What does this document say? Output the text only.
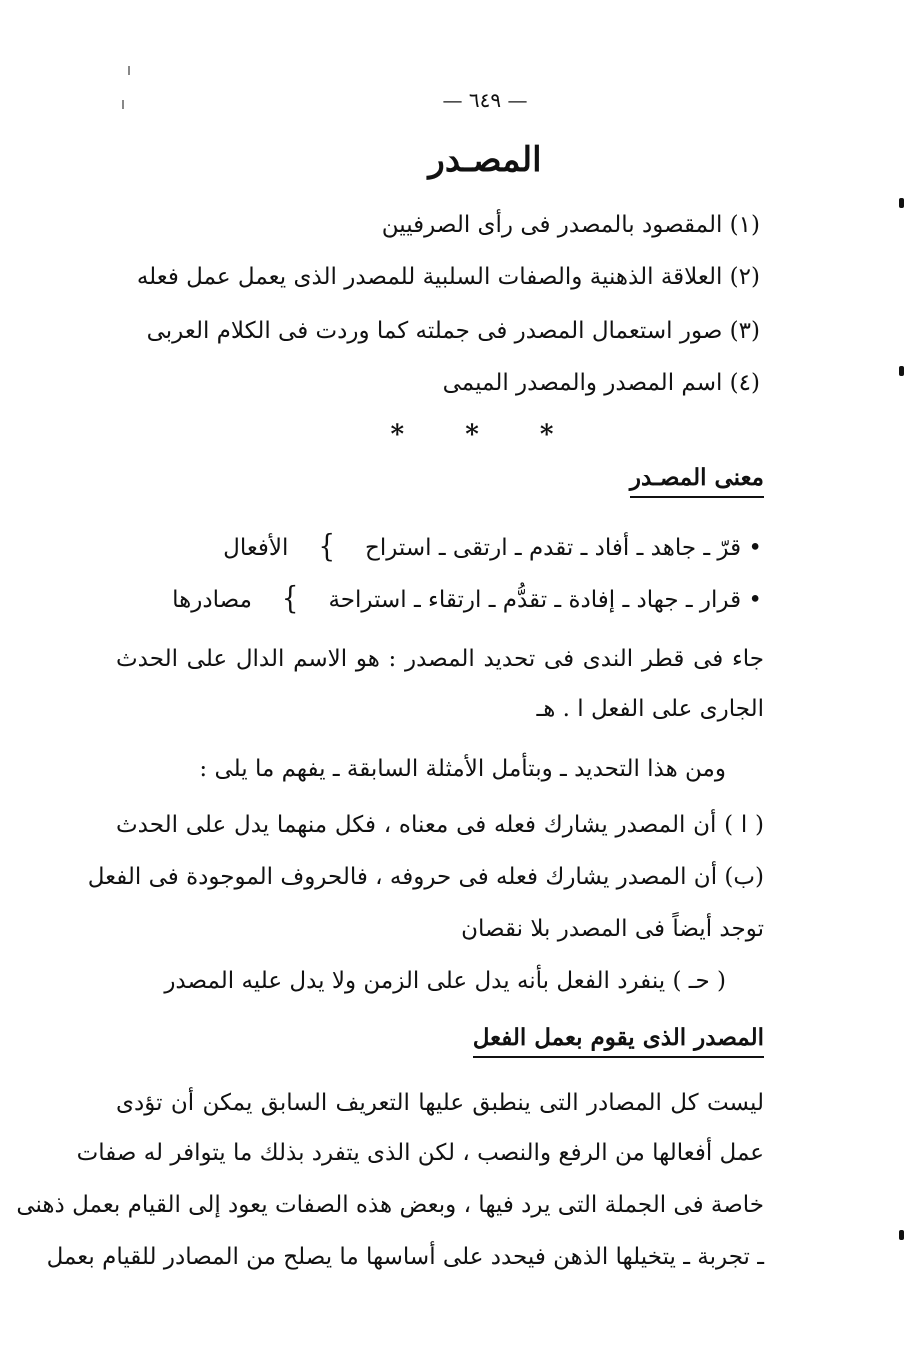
— ٦٤٩ —
المصـدر
(١) المقصود بالمصدر فى رأى الصرفيين
(٢) العلاقة الذهنية والصفات السلبية للمصدر الذى يعمل عمل فعله
(٣) صور استعمال المصدر فى جملته كما وردت فى الكلام العربى
(٤) اسم المصدر والمصدر الميمى
* * *
معنى المصـدر
• قرّ ـ جاهد ـ أفاد ـ تقدم ـ ارتقى ـ استراح}الأفعال
• قرار ـ جهاد ـ إفادة ـ تقدُّم ـ ارتقاء ـ استراحة}مصادرها
جاء فى قطر الندى فى تحديد المصدر : هو الاسم الدال على الحدث
الجارى على الفعل ا . هـ
ومن هذا التحديد ـ وبتأمل الأمثلة السابقة ـ يفهم ما يلى :
( ا ) أن المصدر يشارك فعله فى معناه ، فكل منهما يدل على الحدث
(ب) أن المصدر يشارك فعله فى حروفه ، فالحروف الموجودة فى الفعل
توجد أيضاً فى المصدر بلا نقصان
( حـ ) ينفرد الفعل بأنه يدل على الزمن ولا يدل عليه المصدر
المصدر الذى يقوم بعمل الفعل
ليست كل المصادر التى ينطبق عليها التعريف السابق يمكن أن تؤدى
عمل أفعالها من الرفع والنصب ، لكن الذى يتفرد بذلك ما يتوافر له صفات
خاصة فى الجملة التى يرد فيها ، وبعض هذه الصفات يعود إلى القيام بعمل ذهنى
ـ تجربة ـ يتخيلها الذهن فيحدد على أساسها ما يصلح من المصادر للقيام بعمل
